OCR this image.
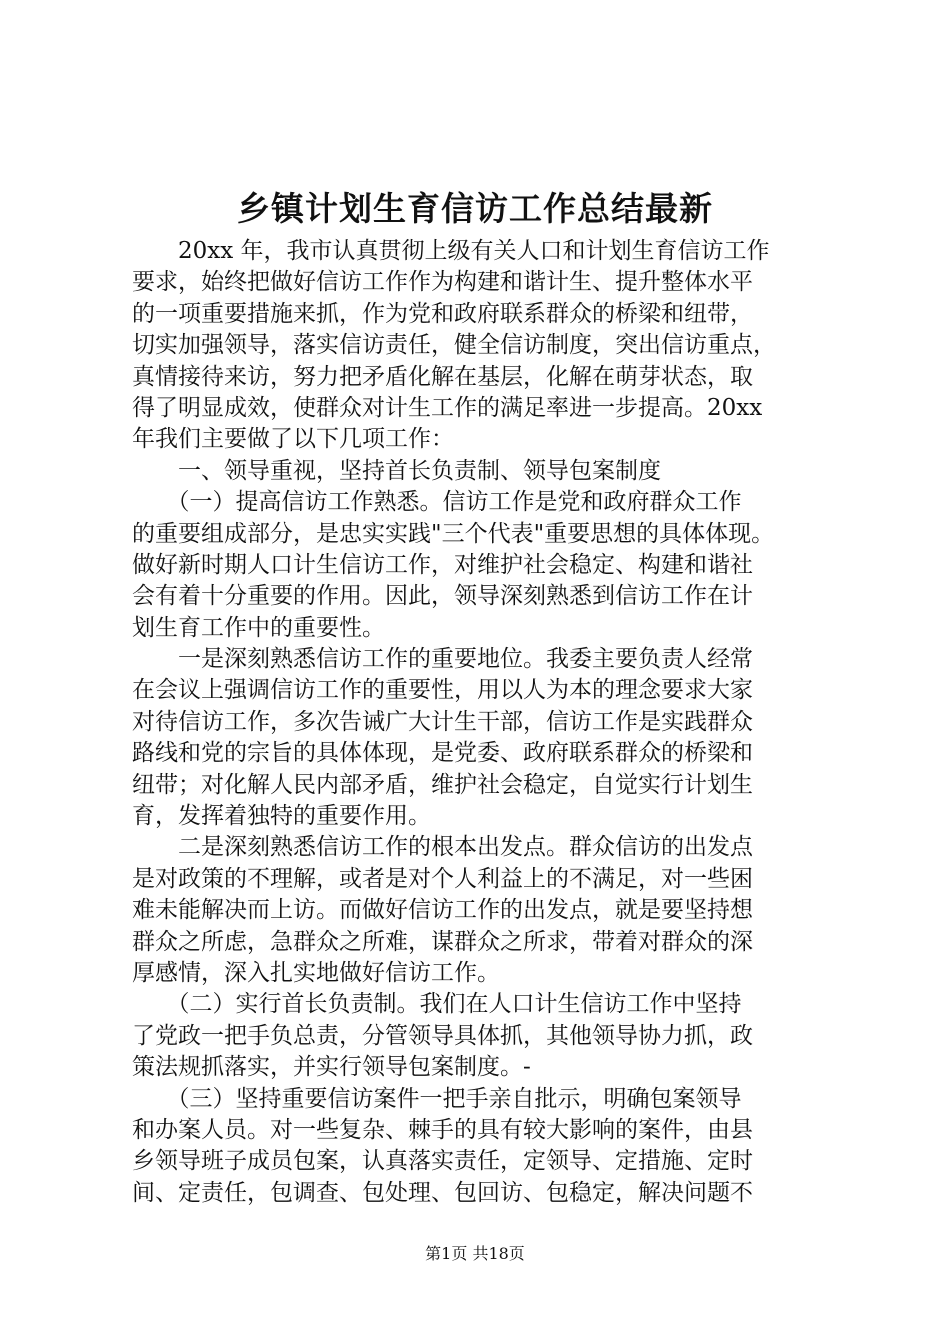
乡镇计划生育信访工作总结最新
　　20xx 年，我市认真贯彻上级有关人口和计划生育信访工作
要求，始终把做好信访工作作为构建和谐计生、提升整体水平
的一项重要措施来抓，作为党和政府联系群众的桥梁和纽带，
切实加强领导，落实信访责任，健全信访制度，突出信访重点，
真情接待来访，努力把矛盾化解在基层，化解在萌芽状态，取
得了明显成效，使群众对计生工作的满足率进一步提高。20xx
年我们主要做了以下几项工作：
　　一、领导重视，坚持首长负责制、领导包案制度
　　（一）提高信访工作熟悉。信访工作是党和政府群众工作
的重要组成部分，是忠实实践"三个代表"重要思想的具体体现。
做好新时期人口计生信访工作，对维护社会稳定、构建和谐社
会有着十分重要的作用。因此，领导深刻熟悉到信访工作在计
划生育工作中的重要性。
　　一是深刻熟悉信访工作的重要地位。我委主要负责人经常
在会议上强调信访工作的重要性，用以人为本的理念要求大家
对待信访工作，多次告诫广大计生干部，信访工作是实践群众
路线和党的宗旨的具体体现，是党委、政府联系群众的桥梁和
纽带；对化解人民内部矛盾，维护社会稳定，自觉实行计划生
育，发挥着独特的重要作用。
　　二是深刻熟悉信访工作的根本出发点。群众信访的出发点
是对政策的不理解，或者是对个人利益上的不满足，对一些困
难未能解决而上访。而做好信访工作的出发点，就是要坚持想
群众之所虑，急群众之所难，谋群众之所求，带着对群众的深
厚感情，深入扎实地做好信访工作。
　　（二）实行首长负责制。我们在人口计生信访工作中坚持
了党政一把手负总责，分管领导具体抓，其他领导协力抓，政
策法规抓落实，并实行领导包案制度。-
　　（三）坚持重要信访案件一把手亲自批示，明确包案领导
和办案人员。对一些复杂、棘手的具有较大影响的案件，由县
乡领导班子成员包案，认真落实责任，定领导、定措施、定时
间、定责任，包调查、包处理、包回访、包稳定，解决问题不
第1页 共18页
